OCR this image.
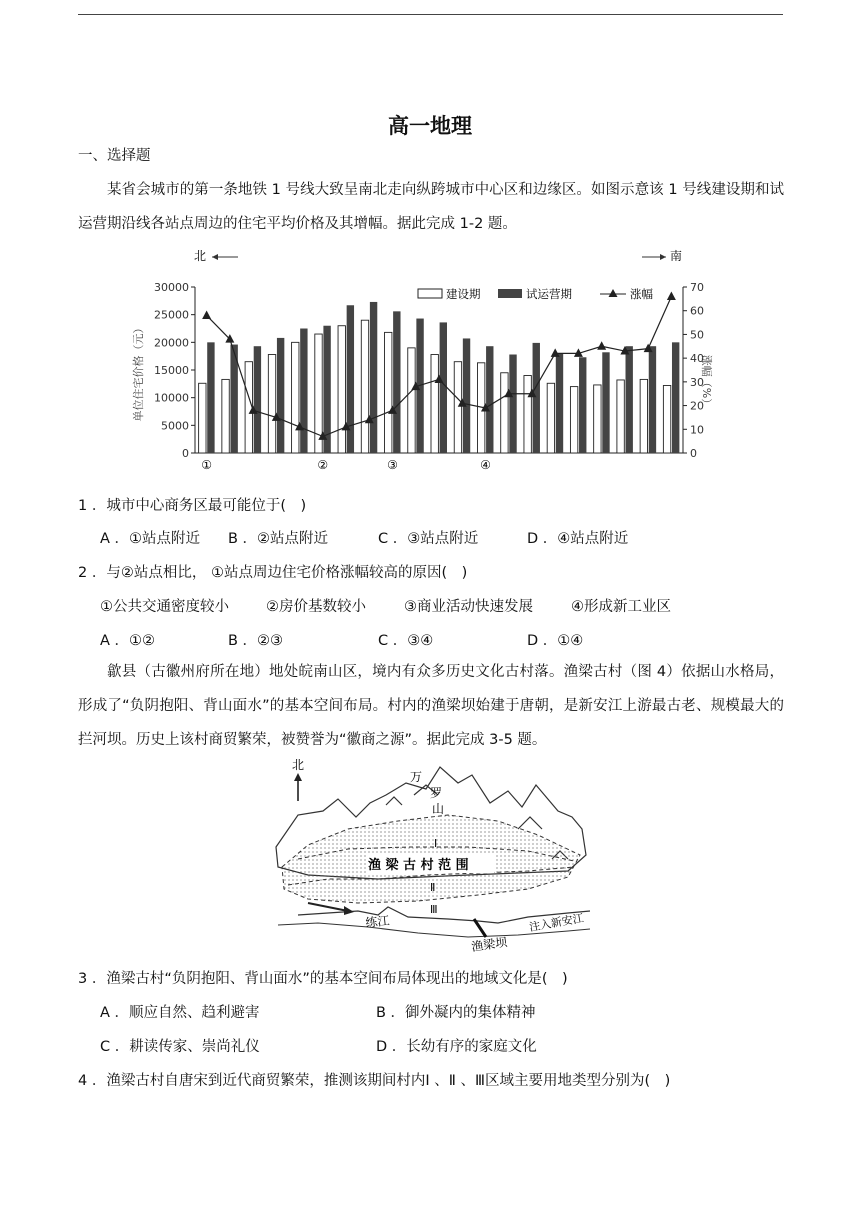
高一地理
一、选择题
某省会城市的第一条地铁 1 号线大致呈南北走向纵跨城市中心区和边缘区。如图示意该 1 号线建设期和试运营期沿线各站点周边的住宅平均价格及其增幅。据此完成 1-2 题。
北	南
单位住宅价格（元）	涨幅（%）
0
5000
10000
15000
20000
25000
30000
0
10
20
30
40
50
60
70
①	②	③	④
建设期	试运营期	涨幅
1 ．城市中心商务区最可能位于(　)
A ．①站点附近 B ．②站点附近	C ．③站点附近	D ．④站点附近
2 ．与②站点相比， ①站点周边住宅价格涨幅较高的原因(　)
①公共交通密度较小	②房价基数较小	③商业活动快速发展	④形成新工业区
A ．①②	B ．②③	C ．③④	D ．①④
歙县（古徽州府所在地）地处皖南山区，境内有众多历史文化古村落。渔梁古村（图 4）依据山水格局，形成了“负阴抱阳、背山面水”的基本空间布局。村内的渔梁坝始建于唐朝，是新安江上游最古老、规模最大的拦河坝。历史上该村商贸繁荣，被赞誉为“徽商之源”。据此完成 3-5 题。
北
万
罗
山
Ⅰ
渔 梁 古 村 范 围
Ⅱ
Ⅲ
练江
渔梁坝
注入新安江
3 ．渔梁古村“负阴抱阳、背山面水”的基本空间布局体现出的地域文化是(　)
A ．顺应自然、趋利避害	B ．御外凝内的集体精神
C ．耕读传家、崇尚礼仪	D ．长幼有序的家庭文化
4 ．渔梁古村自唐宋到近代商贸繁荣，推测该期间村内Ⅰ 、Ⅱ 、Ⅲ区域主要用地类型分别为(　)
